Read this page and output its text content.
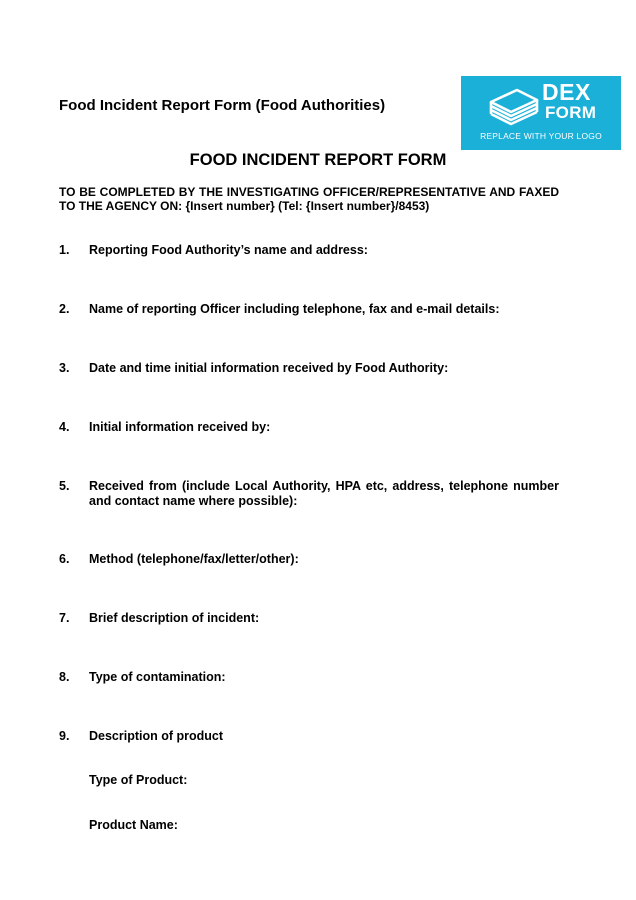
Food Incident Report Form (Food Authorities)
DEX
FORM
REPLACE WITH YOUR LOGO
FOOD INCIDENT REPORT FORM
TO BE COMPLETED BY THE INVESTIGATING OFFICER/REPRESENTATIVE AND FAXED TO THE AGENCY ON: {Insert number} (Tel: {Insert number}/8453)
1. Reporting Food Authority’s name and address:
2. Name of reporting Officer including telephone, fax and e-mail details:
3. Date and time initial information received by Food Authority:
4. Initial information received by:
5. Received from (include Local Authority, HPA etc, address, telephone number and contact name where possible):
6. Method (telephone/fax/letter/other):
7. Brief description of incident:
8. Type of contamination:
9. Description of product
Type of Product:
Product Name:
